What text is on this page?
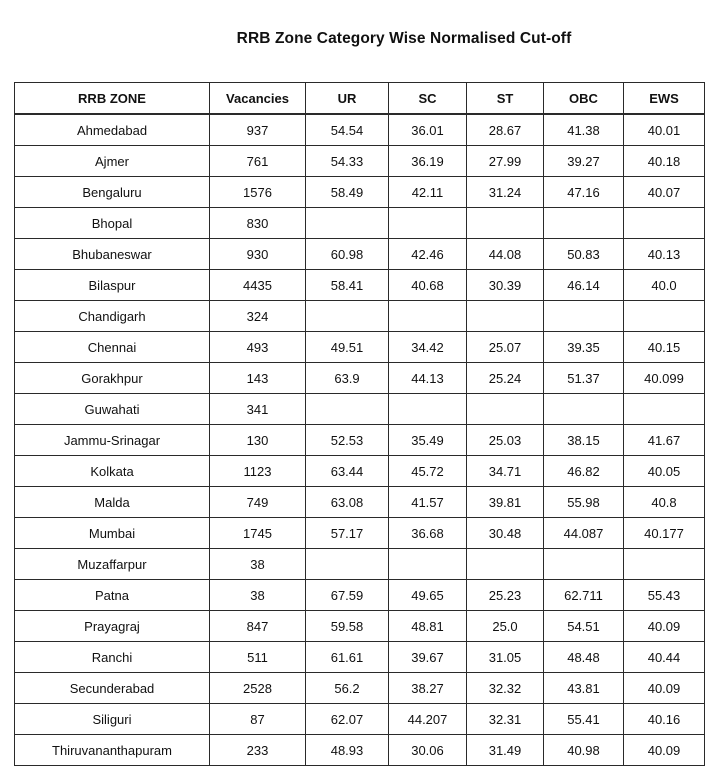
RRB Zone Category Wise Normalised Cut-off
RRB ZONE	Vacancies	UR	SC	ST	OBC	EWS
Ahmedabad	937	54.54	36.01	28.67	41.38	40.01
Ajmer	761	54.33	36.19	27.99	39.27	40.18
Bengaluru	1576	58.49	42.11	31.24	47.16	40.07
Bhopal	830					
Bhubaneswar	930	60.98	42.46	44.08	50.83	40.13
Bilaspur	4435	58.41	40.68	30.39	46.14	40.0
Chandigarh	324					
Chennai	493	49.51	34.42	25.07	39.35	40.15
Gorakhpur	143	63.9	44.13	25.24	51.37	40.099
Guwahati	341					
Jammu-Srinagar	130	52.53	35.49	25.03	38.15	41.67
Kolkata	1123	63.44	45.72	34.71	46.82	40.05
Malda	749	63.08	41.57	39.81	55.98	40.8
Mumbai	1745	57.17	36.68	30.48	44.087	40.177
Muzaffarpur	38					
Patna	38	67.59	49.65	25.23	62.711	55.43
Prayagraj	847	59.58	48.81	25.0	54.51	40.09
Ranchi	511	61.61	39.67	31.05	48.48	40.44
Secunderabad	2528	56.2	38.27	32.32	43.81	40.09
Siliguri	87	62.07	44.207	32.31	55.41	40.16
Thiruvananthapuram	233	48.93	30.06	31.49	40.98	40.09
